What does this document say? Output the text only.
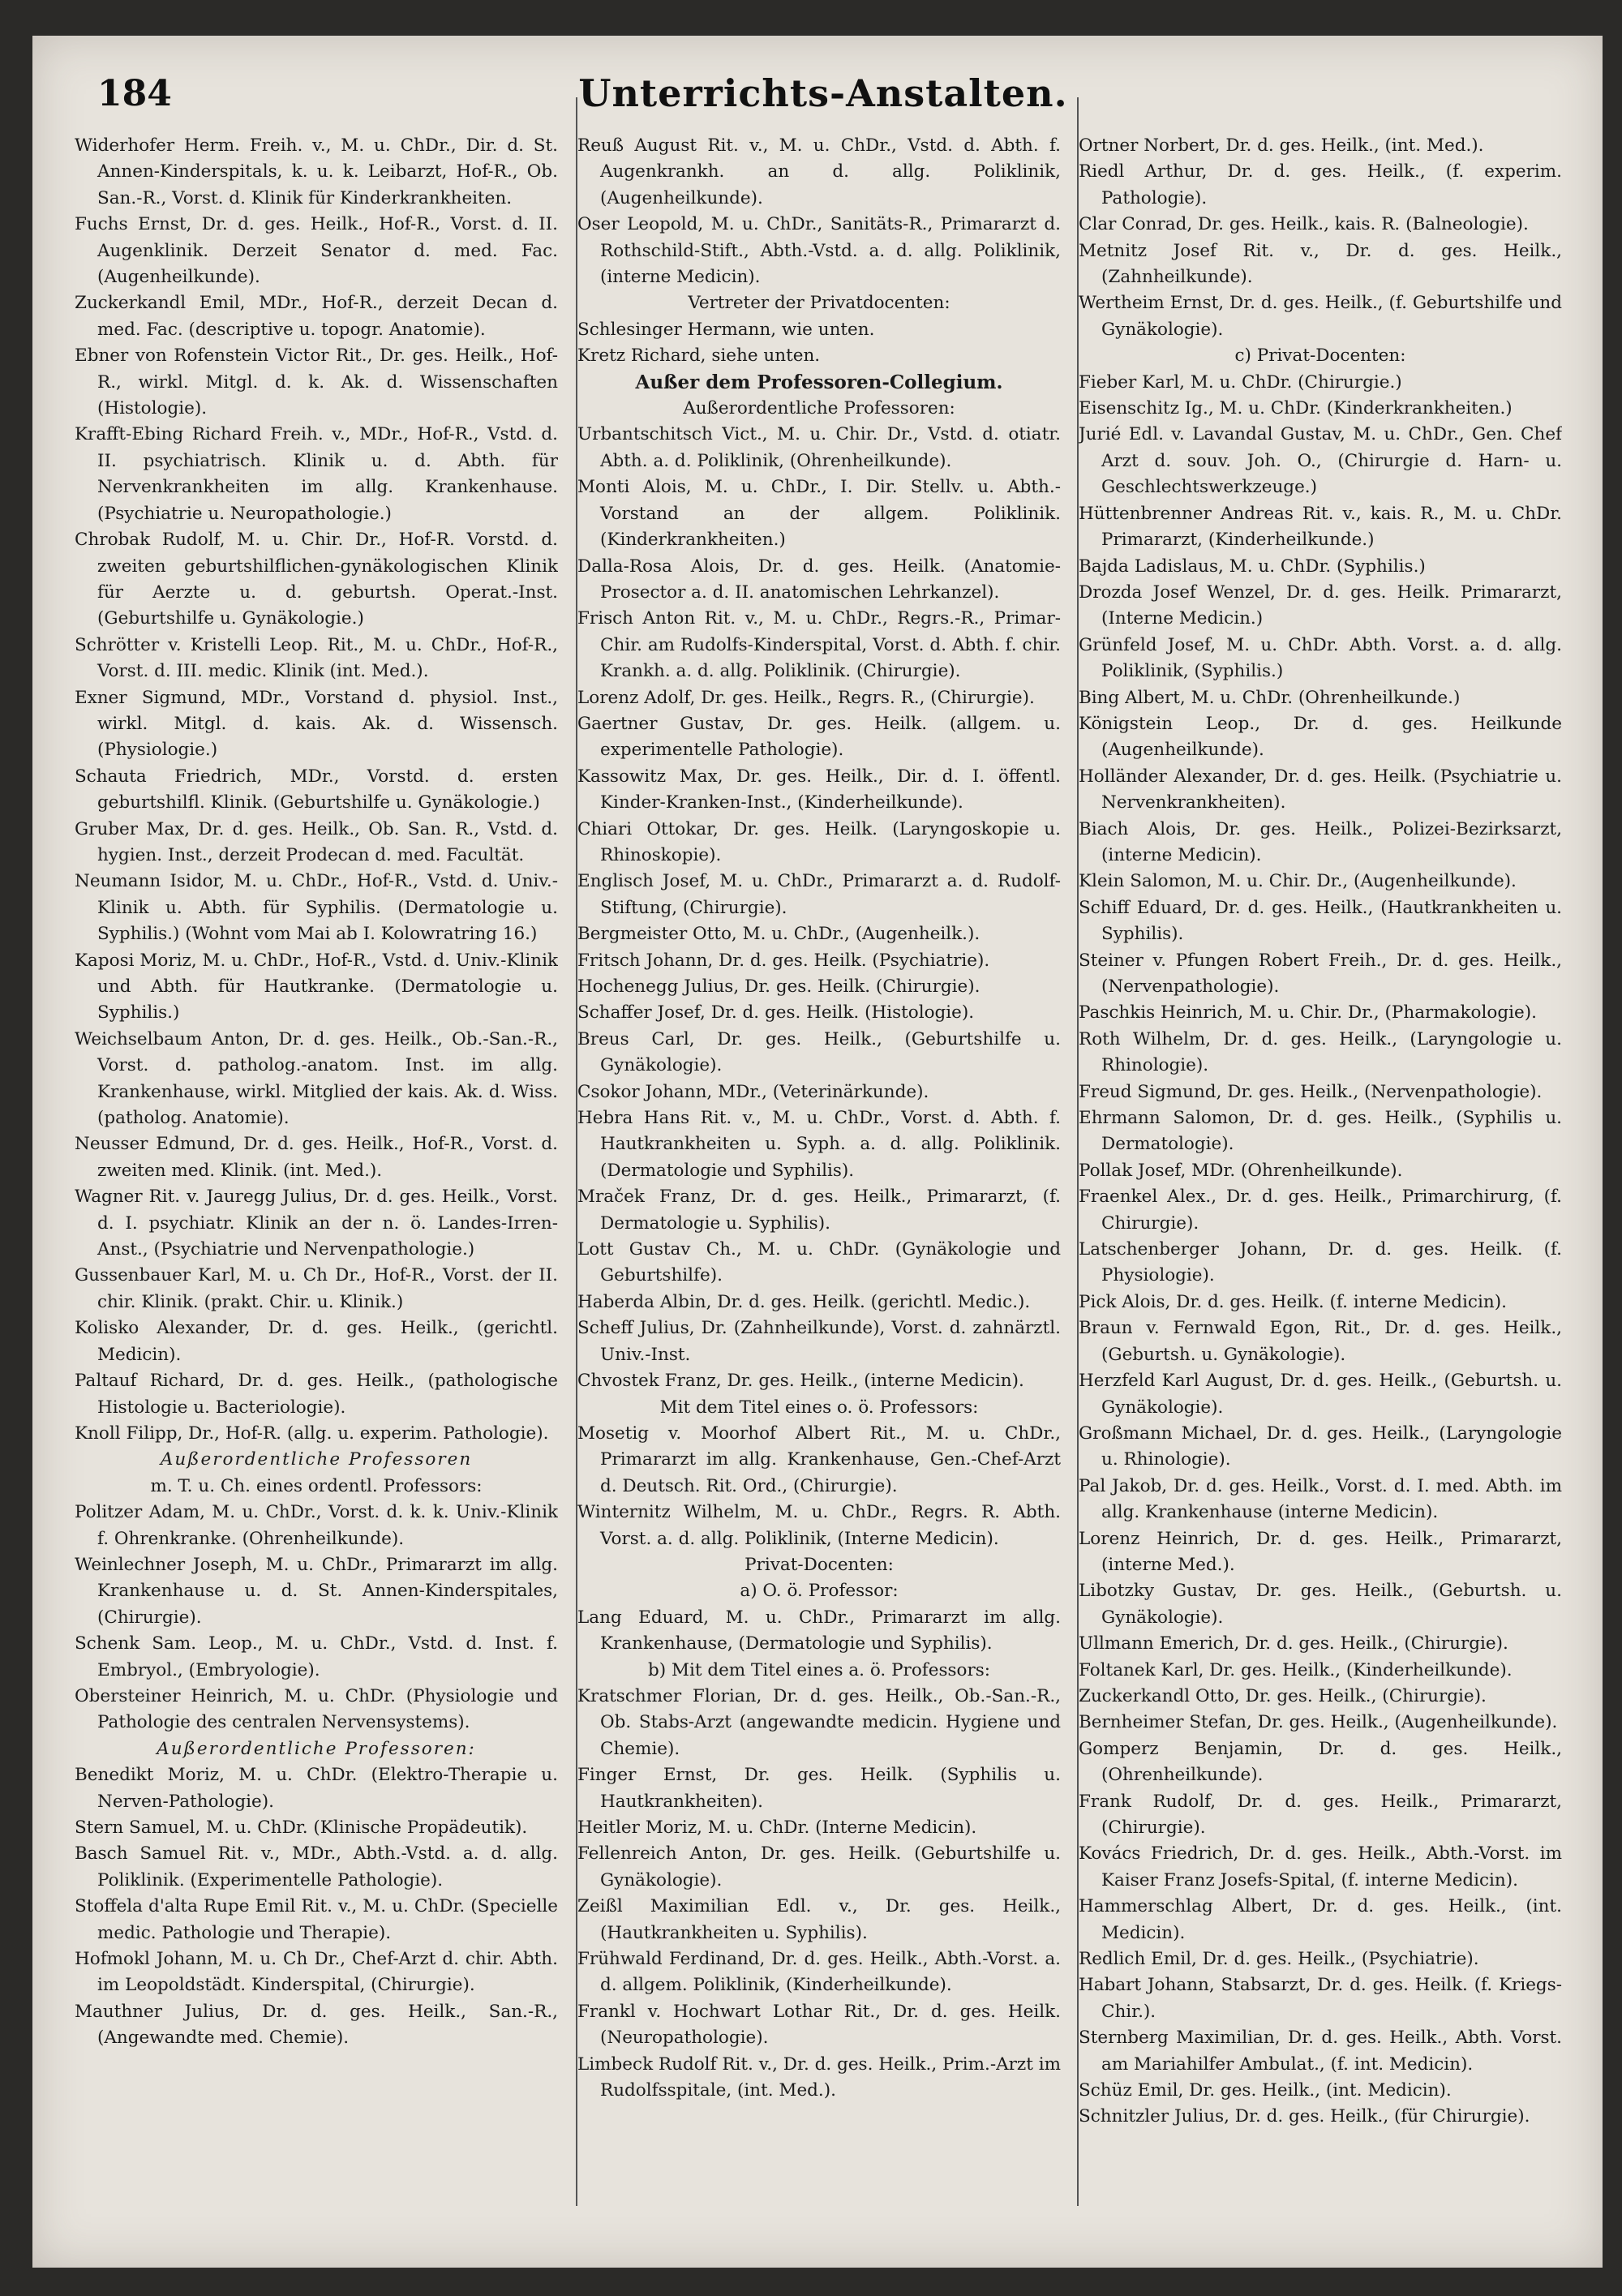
184	Unterrichts-Anstalten.

Widerhofer Herm. Freih. v., M. u. ChDr., Dir. d. St. Annen-Kinderspitals, k. u. k. Leibarzt, Hof-R., Ob. San.-R., Vorst. d. Klinik für Kinderkrankheiten.

Fuchs Ernst, Dr. d. ges. Heilk., Hof-R., Vorst. d. II. Augenklinik. Derzeit Senator d. med. Fac. (Augenheilkunde).

Zuckerkandl Emil, MDr., Hof-R., derzeit Decan d. med. Fac. (descriptive u. topogr. Anatomie).

Ebner von Rofenstein Victor Rit., Dr. ges. Heilk., Hof-R., wirkl. Mitgl. d. k. Ak. d. Wissenschaften (Histologie).

Krafft-Ebing Richard Freih. v., MDr., Hof-R., Vstd. d. II. psychiatrisch. Klinik u. d. Abth. für Nervenkrankheiten im allg. Krankenhause. (Psychiatrie u. Neuropathologie.)

Chrobak Rudolf, M. u. Chir. Dr., Hof-R. Vorstd. d. zweiten geburtshilflichen-gynäkologischen Klinik für Aerzte u. d. geburtsh. Operat.-Inst. (Geburtshilfe u. Gynäkologie.)

Schrötter v. Kristelli Leop. Rit., M. u. ChDr., Hof-R., Vorst. d. III. medic. Klinik (int. Med.).

Exner Sigmund, MDr., Vorstand d. physiol. Inst., wirkl. Mitgl. d. kais. Ak. d. Wissensch. (Physiologie.)

Schauta Friedrich, MDr., Vorstd. d. ersten geburtshilfl. Klinik. (Geburtshilfe u. Gynäkologie.)

Gruber Max, Dr. d. ges. Heilk., Ob. San. R., Vstd. d. hygien. Inst., derzeit Prodecan d. med. Facultät.

Neumann Isidor, M. u. ChDr., Hof-R., Vstd. d. Univ.-Klinik u. Abth. für Syphilis. (Dermatologie u. Syphilis.) (Wohnt vom Mai ab I. Kolowratring 16.)

Kaposi Moriz, M. u. ChDr., Hof-R., Vstd. d. Univ.-Klinik und Abth. für Hautkranke. (Dermatologie u. Syphilis.)

Weichselbaum Anton, Dr. d. ges. Heilk., Ob.-San.-R., Vorst. d. patholog.-anatom. Inst. im allg. Krankenhause, wirkl. Mitglied der kais. Ak. d. Wiss. (patholog. Anatomie).

Neusser Edmund, Dr. d. ges. Heilk., Hof-R., Vorst. d. zweiten med. Klinik. (int. Med.).

Wagner Rit. v. Jauregg Julius, Dr. d. ges. Heilk., Vorst. d. I. psychiatr. Klinik an der n. ö. Landes-Irren-Anst., (Psychiatrie und Nervenpathologie.)

Gussenbauer Karl, M. u. Ch Dr., Hof-R., Vorst. der II. chir. Klinik. (prakt. Chir. u. Klinik.)

Kolisko Alexander, Dr. d. ges. Heilk., (gerichtl. Medicin).

Paltauf Richard, Dr. d. ges. Heilk., (pathologische Histologie u. Bacteriologie).

Knoll Filipp, Dr., Hof-R. (allg. u. experim. Pathologie).

Außerordentliche Professoren

m. T. u. Ch. eines ordentl. Professors:

Politzer Adam, M. u. ChDr., Vorst. d. k. k. Univ.-Klinik f. Ohrenkranke. (Ohrenheilkunde).

Weinlechner Joseph, M. u. ChDr., Primararzt im allg. Krankenhause u. d. St. Annen-Kinderspitales, (Chirurgie).

Schenk Sam. Leop., M. u. ChDr., Vstd. d. Inst. f. Embryol., (Embryologie).

Obersteiner Heinrich, M. u. ChDr. (Physiologie und Pathologie des centralen Nervensystems).

Außerordentliche Professoren:

Benedikt Moriz, M. u. ChDr. (Elektro-Therapie u. Nerven-Pathologie).

Stern Samuel, M. u. ChDr. (Klinische Propädeutik).

Basch Samuel Rit. v., MDr., Abth.-Vstd. a. d. allg. Poliklinik. (Experimentelle Pathologie).

Stoffela d'alta Rupe Emil Rit. v., M. u. ChDr. (Specielle medic. Pathologie und Therapie).

Hofmokl Johann, M. u. Ch Dr., Chef-Arzt d. chir. Abth. im Leopoldstädt. Kinderspital, (Chirurgie).

Mauthner Julius, Dr. d. ges. Heilk., San.-R., (Angewandte med. Chemie).

Reuß August Rit. v., M. u. ChDr., Vstd. d. Abth. f. Augenkrankh. an d. allg. Poliklinik, (Augenheilkunde).

Oser Leopold, M. u. ChDr., Sanitäts-R., Primararzt d. Rothschild-Stift., Abth.-Vstd. a. d. allg. Poliklinik, (interne Medicin).

Vertreter der Privatdocenten:

Schlesinger Hermann, wie unten.

Kretz Richard, siehe unten.

Außer dem Professoren-Collegium.

Außerordentliche Professoren:

Urbantschitsch Vict., M. u. Chir. Dr., Vstd. d. otiatr. Abth. a. d. Poliklinik, (Ohrenheilkunde).

Monti Alois, M. u. ChDr., I. Dir. Stellv. u. Abth.-Vorstand an der allgem. Poliklinik. (Kinderkrankheiten.)

Dalla-Rosa Alois, Dr. d. ges. Heilk. (Anatomie-Prosector a. d. II. anatomischen Lehrkanzel).

Frisch Anton Rit. v., M. u. ChDr., Regrs.-R., Primar-Chir. am Rudolfs-Kinderspital, Vorst. d. Abth. f. chir. Krankh. a. d. allg. Poliklinik. (Chirurgie).

Lorenz Adolf, Dr. ges. Heilk., Regrs. R., (Chirurgie).

Gaertner Gustav, Dr. ges. Heilk. (allgem. u. experimentelle Pathologie).

Kassowitz Max, Dr. ges. Heilk., Dir. d. I. öffentl. Kinder-Kranken-Inst., (Kinderheilkunde).

Chiari Ottokar, Dr. ges. Heilk. (Laryngoskopie u. Rhinoskopie).

Englisch Josef, M. u. ChDr., Primararzt a. d. Rudolf-Stiftung, (Chirurgie).

Bergmeister Otto, M. u. ChDr., (Augenheilk.).

Fritsch Johann, Dr. d. ges. Heilk. (Psychiatrie).

Hochenegg Julius, Dr. ges. Heilk. (Chirurgie).

Schaffer Josef, Dr. d. ges. Heilk. (Histologie).

Breus Carl, Dr. ges. Heilk., (Geburtshilfe u. Gynäkologie).

Csokor Johann, MDr., (Veterinärkunde).

Hebra Hans Rit. v., M. u. ChDr., Vorst. d. Abth. f. Hautkrankheiten u. Syph. a. d. allg. Poliklinik. (Dermatologie und Syphilis).

Mraček Franz, Dr. d. ges. Heilk., Primararzt, (f. Dermatologie u. Syphilis).

Lott Gustav Ch., M. u. ChDr. (Gynäkologie und Geburtshilfe).

Haberda Albin, Dr. d. ges. Heilk. (gerichtl. Medic.).

Scheff Julius, Dr. (Zahnheilkunde), Vorst. d. zahnärztl. Univ.-Inst.

Chvostek Franz, Dr. ges. Heilk., (interne Medicin).

Mit dem Titel eines o. ö. Professors:

Mosetig v. Moorhof Albert Rit., M. u. ChDr., Primararzt im allg. Krankenhause, Gen.-Chef-Arzt d. Deutsch. Rit. Ord., (Chirurgie).

Winternitz Wilhelm, M. u. ChDr., Regrs. R. Abth. Vorst. a. d. allg. Poliklinik, (Interne Medicin).

Privat-Docenten:

a) O. ö. Professor:

Lang Eduard, M. u. ChDr., Primararzt im allg. Krankenhause, (Dermatologie und Syphilis).

b) Mit dem Titel eines a. ö. Professors:

Kratschmer Florian, Dr. d. ges. Heilk., Ob.-San.-R., Ob. Stabs-Arzt (angewandte medicin. Hygiene und Chemie).

Finger Ernst, Dr. ges. Heilk. (Syphilis u. Hautkrankheiten).

Heitler Moriz, M. u. ChDr. (Interne Medicin).

Fellenreich Anton, Dr. ges. Heilk. (Geburtshilfe u. Gynäkologie).

Zeißl Maximilian Edl. v., Dr. ges. Heilk., (Hautkrankheiten u. Syphilis).

Frühwald Ferdinand, Dr. d. ges. Heilk., Abth.-Vorst. a. d. allgem. Poliklinik, (Kinderheilkunde).

Frankl v. Hochwart Lothar Rit., Dr. d. ges. Heilk. (Neuropathologie).

Limbeck Rudolf Rit. v., Dr. d. ges. Heilk., Prim.-Arzt im Rudolfsspitale, (int. Med.).

Ortner Norbert, Dr. d. ges. Heilk., (int. Med.).

Riedl Arthur, Dr. d. ges. Heilk., (f. experim. Pathologie).

Clar Conrad, Dr. ges. Heilk., kais. R. (Balneologie).

Metnitz Josef Rit. v., Dr. d. ges. Heilk., (Zahnheilkunde).

Wertheim Ernst, Dr. d. ges. Heilk., (f. Geburtshilfe und Gynäkologie).

c) Privat-Docenten:

Fieber Karl, M. u. ChDr. (Chirurgie.)

Eisenschitz Ig., M. u. ChDr. (Kinderkrankheiten.)

Jurié Edl. v. Lavandal Gustav, M. u. ChDr., Gen. Chef Arzt d. souv. Joh. O., (Chirurgie d. Harn- u. Geschlechtswerkzeuge.)

Hüttenbrenner Andreas Rit. v., kais. R., M. u. ChDr. Primararzt, (Kinderheilkunde.)

Bajda Ladislaus, M. u. ChDr. (Syphilis.)

Drozda Josef Wenzel, Dr. d. ges. Heilk. Primararzt, (Interne Medicin.)

Grünfeld Josef, M. u. ChDr. Abth. Vorst. a. d. allg. Poliklinik, (Syphilis.)

Bing Albert, M. u. ChDr. (Ohrenheilkunde.)

Königstein Leop., Dr. d. ges. Heilkunde (Augenheilkunde).

Holländer Alexander, Dr. d. ges. Heilk. (Psychiatrie u. Nervenkrankheiten).

Biach Alois, Dr. ges. Heilk., Polizei-Bezirksarzt, (interne Medicin).

Klein Salomon, M. u. Chir. Dr., (Augenheilkunde).

Schiff Eduard, Dr. d. ges. Heilk., (Hautkrankheiten u. Syphilis).

Steiner v. Pfungen Robert Freih., Dr. d. ges. Heilk., (Nervenpathologie).

Paschkis Heinrich, M. u. Chir. Dr., (Pharmakologie).

Roth Wilhelm, Dr. d. ges. Heilk., (Laryngologie u. Rhinologie).

Freud Sigmund, Dr. ges. Heilk., (Nervenpathologie).

Ehrmann Salomon, Dr. d. ges. Heilk., (Syphilis u. Dermatologie).

Pollak Josef, MDr. (Ohrenheilkunde).

Fraenkel Alex., Dr. d. ges. Heilk., Primarchirurg, (f. Chirurgie).

Latschenberger Johann, Dr. d. ges. Heilk. (f. Physiologie).

Pick Alois, Dr. d. ges. Heilk. (f. interne Medicin).

Braun v. Fernwald Egon, Rit., Dr. d. ges. Heilk., (Geburtsh. u. Gynäkologie).

Herzfeld Karl August, Dr. d. ges. Heilk., (Geburtsh. u. Gynäkologie).

Großmann Michael, Dr. d. ges. Heilk., (Laryngologie u. Rhinologie).

Pal Jakob, Dr. d. ges. Heilk., Vorst. d. I. med. Abth. im allg. Krankenhause (interne Medicin).

Lorenz Heinrich, Dr. d. ges. Heilk., Primararzt, (interne Med.).

Libotzky Gustav, Dr. ges. Heilk., (Geburtsh. u. Gynäkologie).

Ullmann Emerich, Dr. d. ges. Heilk., (Chirurgie).

Foltanek Karl, Dr. ges. Heilk., (Kinderheilkunde).

Zuckerkandl Otto, Dr. ges. Heilk., (Chirurgie).

Bernheimer Stefan, Dr. ges. Heilk., (Augenheilkunde).

Gomperz Benjamin, Dr. d. ges. Heilk., (Ohrenheilkunde).

Frank Rudolf, Dr. d. ges. Heilk., Primararzt, (Chirurgie).

Kovács Friedrich, Dr. d. ges. Heilk., Abth.-Vorst. im Kaiser Franz Josefs-Spital, (f. interne Medicin).

Hammerschlag Albert, Dr. d. ges. Heilk., (int. Medicin).

Redlich Emil, Dr. d. ges. Heilk., (Psychiatrie).

Habart Johann, Stabsarzt, Dr. d. ges. Heilk. (f. Kriegs-Chir.).

Sternberg Maximilian, Dr. d. ges. Heilk., Abth. Vorst. am Mariahilfer Ambulat., (f. int. Medicin).

Schüz Emil, Dr. ges. Heilk., (int. Medicin).

Schnitzler Julius, Dr. d. ges. Heilk., (für Chirurgie).
